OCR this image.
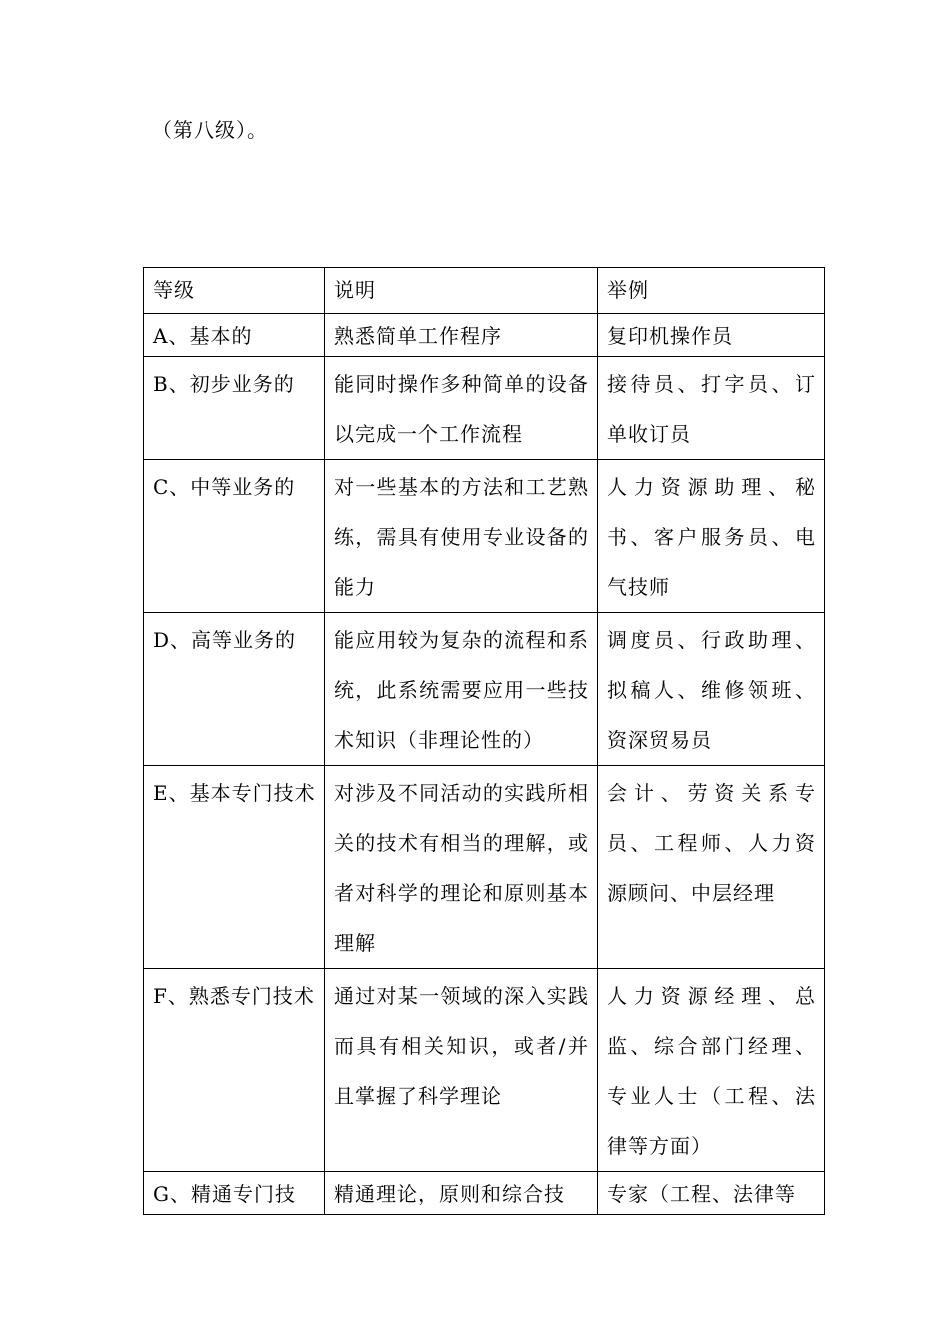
（第八级）。
等级	说明	举例
A、基本的	熟悉简单工作程序	复印机操作员
B、初步业务的	能同时操作多种简单的设备以完成一个工作流程	接待员、打字员、订单收订员
C、中等业务的	对一些基本的方法和工艺熟练，需具有使用专业设备的能力	人力资源助理、秘书、客户服务员、电气技师
D、高等业务的	能应用较为复杂的流程和系统，此系统需要应用一些技术知识（非理论性的）	调度员、行政助理、拟稿人、维修领班、资深贸易员
E、基本专门技术	对涉及不同活动的实践所相关的技术有相当的理解，或者对科学的理论和原则基本理解	会计、劳资关系专员、工程师、人力资源顾问、中层经理
F、熟悉专门技术	通过对某一领域的深入实践而具有相关知识，或者/并且掌握了科学理论	人力资源经理、总监、综合部门经理、专业人士（工程、法律等方面）
G、精通专门技	精通理论，原则和综合技	专家（工程、法律等
